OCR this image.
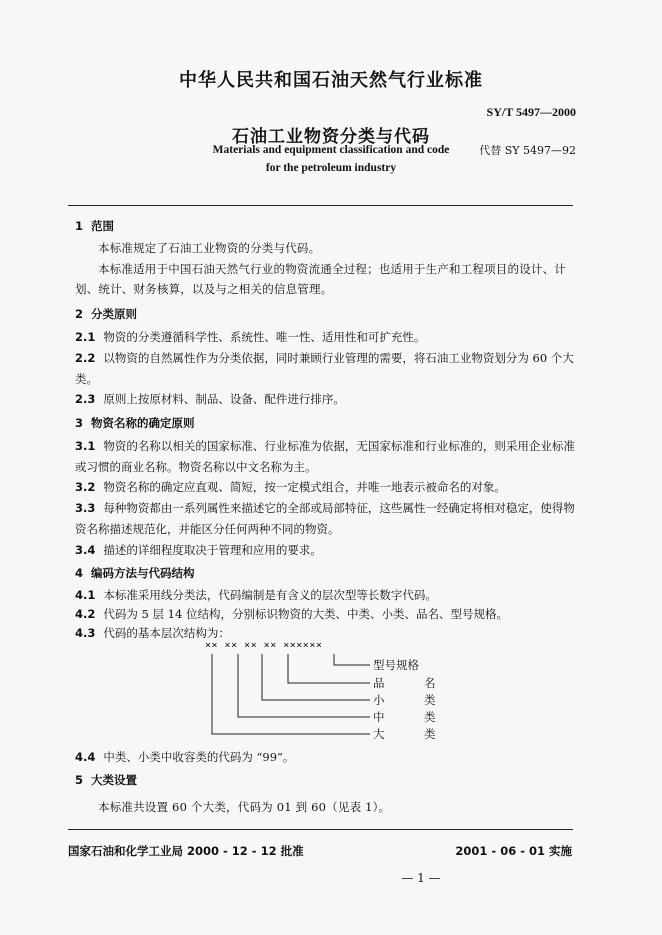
中华人民共和国石油天然气行业标准
SY/T 5497—2000
石油工业物资分类与代码
代替 SY 5497—92
Materials and equipment classification and code
for the petroleum industry
1 范围
本标准规定了石油工业物资的分类与代码。
本标准适用于中国石油天然气行业的物资流通全过程；也适用于生产和工程项目的设计、计划、统计、财务核算，以及与之相关的信息管理。
2 分类原则
2.1 物资的分类遵循科学性、系统性、唯一性、适用性和可扩充性。
2.2 以物资的自然属性作为分类依据，同时兼顾行业管理的需要，将石油工业物资划分为 60 个大类。
2.3 原则上按原材料、制品、设备、配件进行排序。
3 物资名称的确定原则
3.1 物资的名称以相关的国家标准、行业标准为依据，无国家标准和行业标准的，则采用企业标准或习惯的商业名称。物资名称以中文名称为主。
3.2 物资名称的确定应直观、简短，按一定模式组合，并唯一地表示被命名的对象。
3.3 每种物资都由一系列属性来描述它的全部或局部特征，这些属性一经确定将相对稳定，使得物资名称描述规范化，并能区分任何两种不同的物资。
3.4 描述的详细程度取决于管理和应用的要求。
4 编码方法与代码结构
4.1 本标准采用线分类法，代码编制是有含义的层次型等长数字代码。
4.2 代码为 5 层 14 位结构，分别标识物资的大类、中类、小类、品名、型号规格。
4.3 代码的基本层次结构为：
×× ×× ×× ×× ××××××
型号规格
品　名
小　类
中　类
大　类
4.4 中类、小类中收容类的代码为 “99”。
5 大类设置
本标准共设置 60 个大类，代码为 01 到 60（见表 1）。
国家石油和化学工业局 2000 - 12 - 12 批准	2001 - 06 - 01 实施
— 1 —
